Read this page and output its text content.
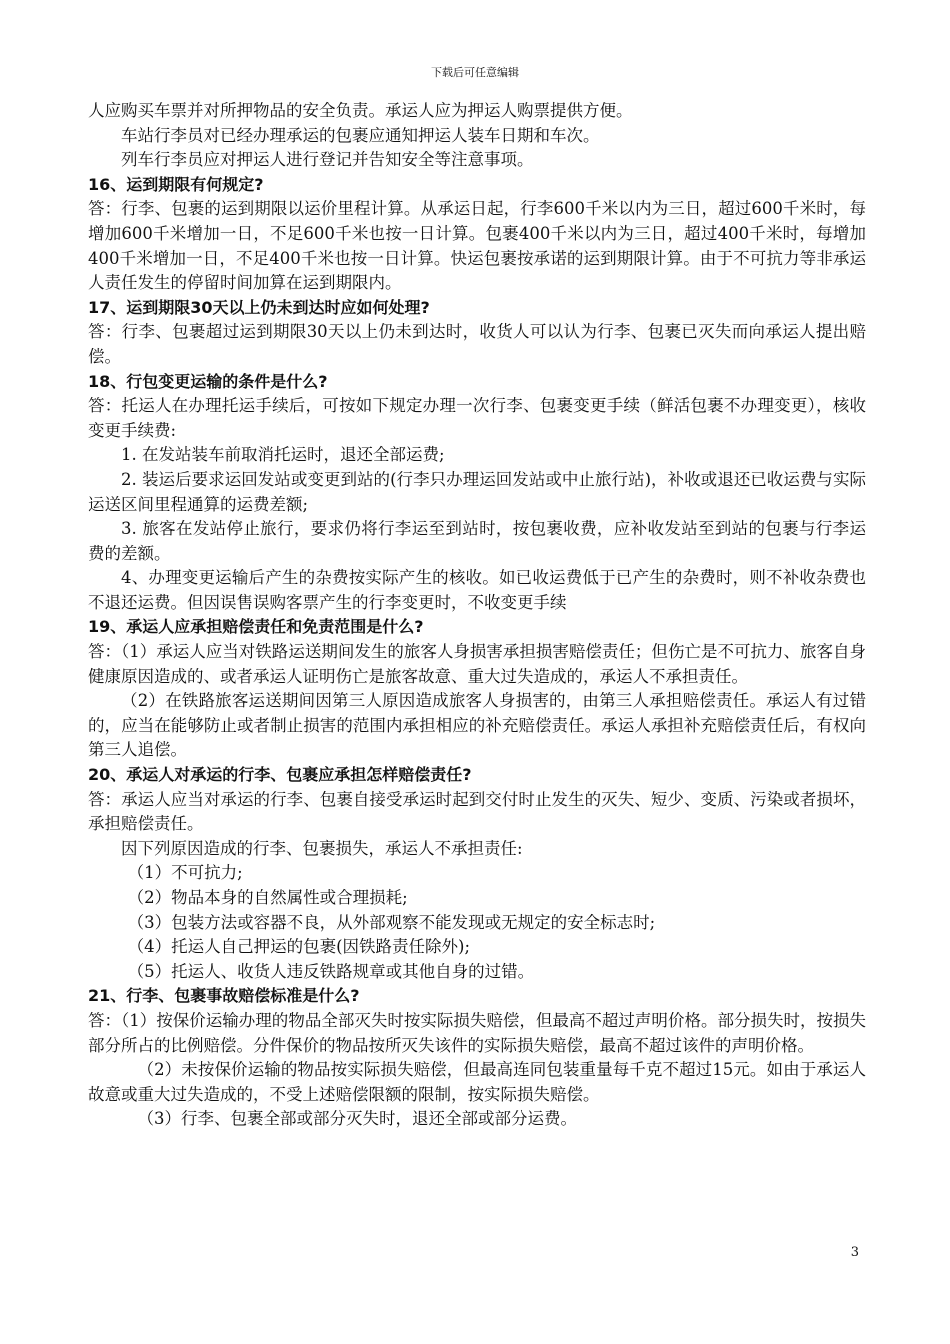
下载后可任意编辑

人应购买车票并对所押物品的安全负责。承运人应为押运人购票提供方便。

车站行李员对已经办理承运的包裹应通知押运人装车日期和车次。

列车行李员应对押运人进行登记并告知安全等注意事项。

16、运到期限有何规定?

答：行李、包裹的运到期限以运价里程计算。从承运日起，行李600千米以内为三日，超过600千米时，每增加600千米增加一日，不足600千米也按一日计算。包裹400千米以内为三日，超过400千米时，每增加400千米增加一日，不足400千米也按一日计算。快运包裹按承诺的运到期限计算。由于不可抗力等非承运人责任发生的停留时间加算在运到期限内。

17、运到期限30天以上仍未到达时应如何处理?

答：行李、包裹超过运到期限30天以上仍未到达时，收货人可以认为行李、包裹已灭失而向承运人提出赔偿。

18、行包变更运输的条件是什么?

答：托运人在办理托运手续后，可按如下规定办理一次行李、包裹变更手续（鲜活包裹不办理变更），核收变更手续费:

1. 在发站装车前取消托运时，退还全部运费;

2. 装运后要求运回发站或变更到站的(行李只办理运回发站或中止旅行站)，补收或退还已收运费与实际运送区间里程通算的运费差额;

3. 旅客在发站停止旅行，要求仍将行李运至到站时，按包裹收费，应补收发站至到站的包裹与行李运费的差额。

4、办理变更运输后产生的杂费按实际产生的核收。如已收运费低于已产生的杂费时，则不补收杂费也不退还运费。但因误售误购客票产生的行李变更时，不收变更手续

19、承运人应承担赔偿责任和免责范围是什么?

答：（1）承运人应当对铁路运送期间发生的旅客人身损害承担损害赔偿责任；但伤亡是不可抗力、旅客自身健康原因造成的、或者承运人证明伤亡是旅客故意、重大过失造成的，承运人不承担责任。

（2）在铁路旅客运送期间因第三人原因造成旅客人身损害的，由第三人承担赔偿责任。承运人有过错的，应当在能够防止或者制止损害的范围内承担相应的补充赔偿责任。承运人承担补充赔偿责任后，有权向第三人追偿。

20、承运人对承运的行李、包裹应承担怎样赔偿责任?

答：承运人应当对承运的行李、包裹自接受承运时起到交付时止发生的灭失、短少、变质、污染或者损坏，承担赔偿责任。

因下列原因造成的行李、包裹损失，承运人不承担责任:

（1）不可抗力;

（2）物品本身的自然属性或合理损耗;

（3）包装方法或容器不良，从外部观察不能发现或无规定的安全标志时;

（4）托运人自己押运的包裹(因铁路责任除外);

（5）托运人、收货人违反铁路规章或其他自身的过错。

21、行李、包裹事故赔偿标准是什么?

答：（1）按保价运输办理的物品全部灭失时按实际损失赔偿，但最高不超过声明价格。部分损失时，按损失部分所占的比例赔偿。分件保价的物品按所灭失该件的实际损失赔偿，最高不超过该件的声明价格。

（2）未按保价运输的物品按实际损失赔偿，但最高连同包装重量每千克不超过15元。如由于承运人故意或重大过失造成的，不受上述赔偿限额的限制，按实际损失赔偿。

（3）行李、包裹全部或部分灭失时，退还全部或部分运费。

3
